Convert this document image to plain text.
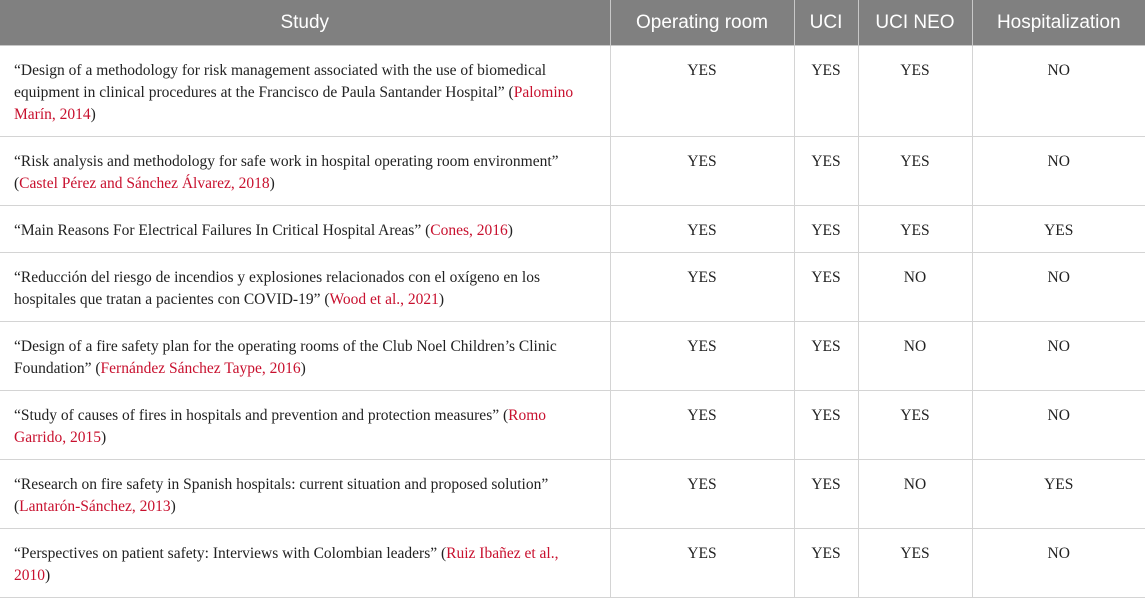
Study	Operating room	UCI	UCI NEO	Hospitalization
“Design of a methodology for risk management associated with the use of biomedical equipment in clinical procedures at the Francisco de Paula Santander Hospital” (Palomino Marín, 2014)	YES	YES	YES	NO
“Risk analysis and methodology for safe work in hospital operating room environment” (Castel Pérez and Sánchez Álvarez, 2018)	YES	YES	YES	NO
“Main Reasons For Electrical Failures In Critical Hospital Areas” (Cones, 2016)	YES	YES	YES	YES
“Reducción del riesgo de incendios y explosiones relacionados con el oxígeno en los hospitales que tratan a pacientes con COVID-19” (Wood et al., 2021)	YES	YES	NO	NO
“Design of a fire safety plan for the operating rooms of the Club Noel Children’s Clinic Foundation” (Fernández Sánchez Taype, 2016)	YES	YES	NO	NO
“Study of causes of fires in hospitals and prevention and protection measures” (Romo Garrido, 2015)	YES	YES	YES	NO
“Research on fire safety in Spanish hospitals: current situation and proposed solution” (Lantarón-Sánchez, 2013)	YES	YES	NO	YES
“Perspectives on patient safety: Interviews with Colombian leaders” (Ruiz Ibañez et al., 2010)	YES	YES	YES	NO
